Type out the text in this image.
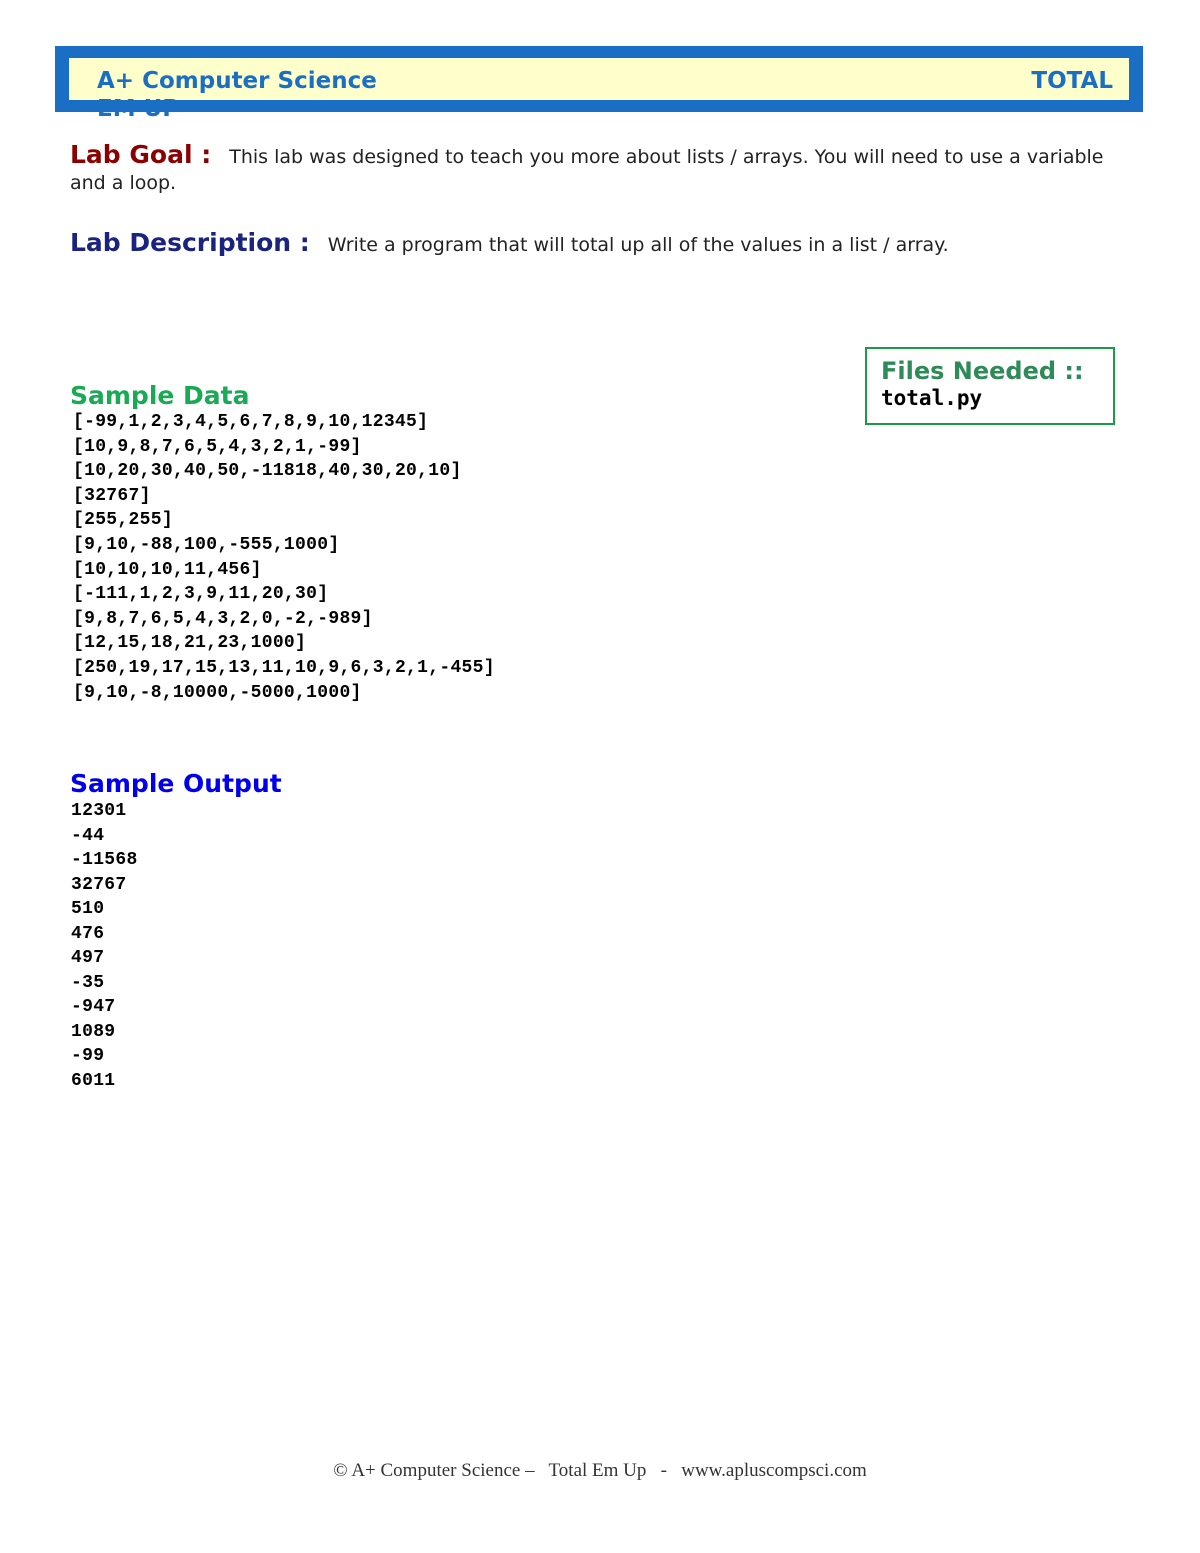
A+ Computer Science
EM UP
TOTAL
Lab Goal : This lab was designed to teach you more about lists / arrays. You will need to use a variable and a loop.
Lab Description : Write a program that will total up all of the values in a list / array.
Files Needed ::
total.py
Sample Data
[-99,1,2,3,4,5,6,7,8,9,10,12345]
[10,9,8,7,6,5,4,3,2,1,-99]
[10,20,30,40,50,-11818,40,30,20,10]
[32767]
[255,255]
[9,10,-88,100,-555,1000]
[10,10,10,11,456]
[-111,1,2,3,9,11,20,30]
[9,8,7,6,5,4,3,2,0,-2,-989]
[12,15,18,21,23,1000]
[250,19,17,15,13,11,10,9,6,3,2,1,-455]
[9,10,-8,10000,-5000,1000]
Sample Output
12301
-44
-11568
32767
510
476
497
-35
-947
1089
-99
6011
© A+ Computer Science – Total Em Up - www.apluscompsci.com
